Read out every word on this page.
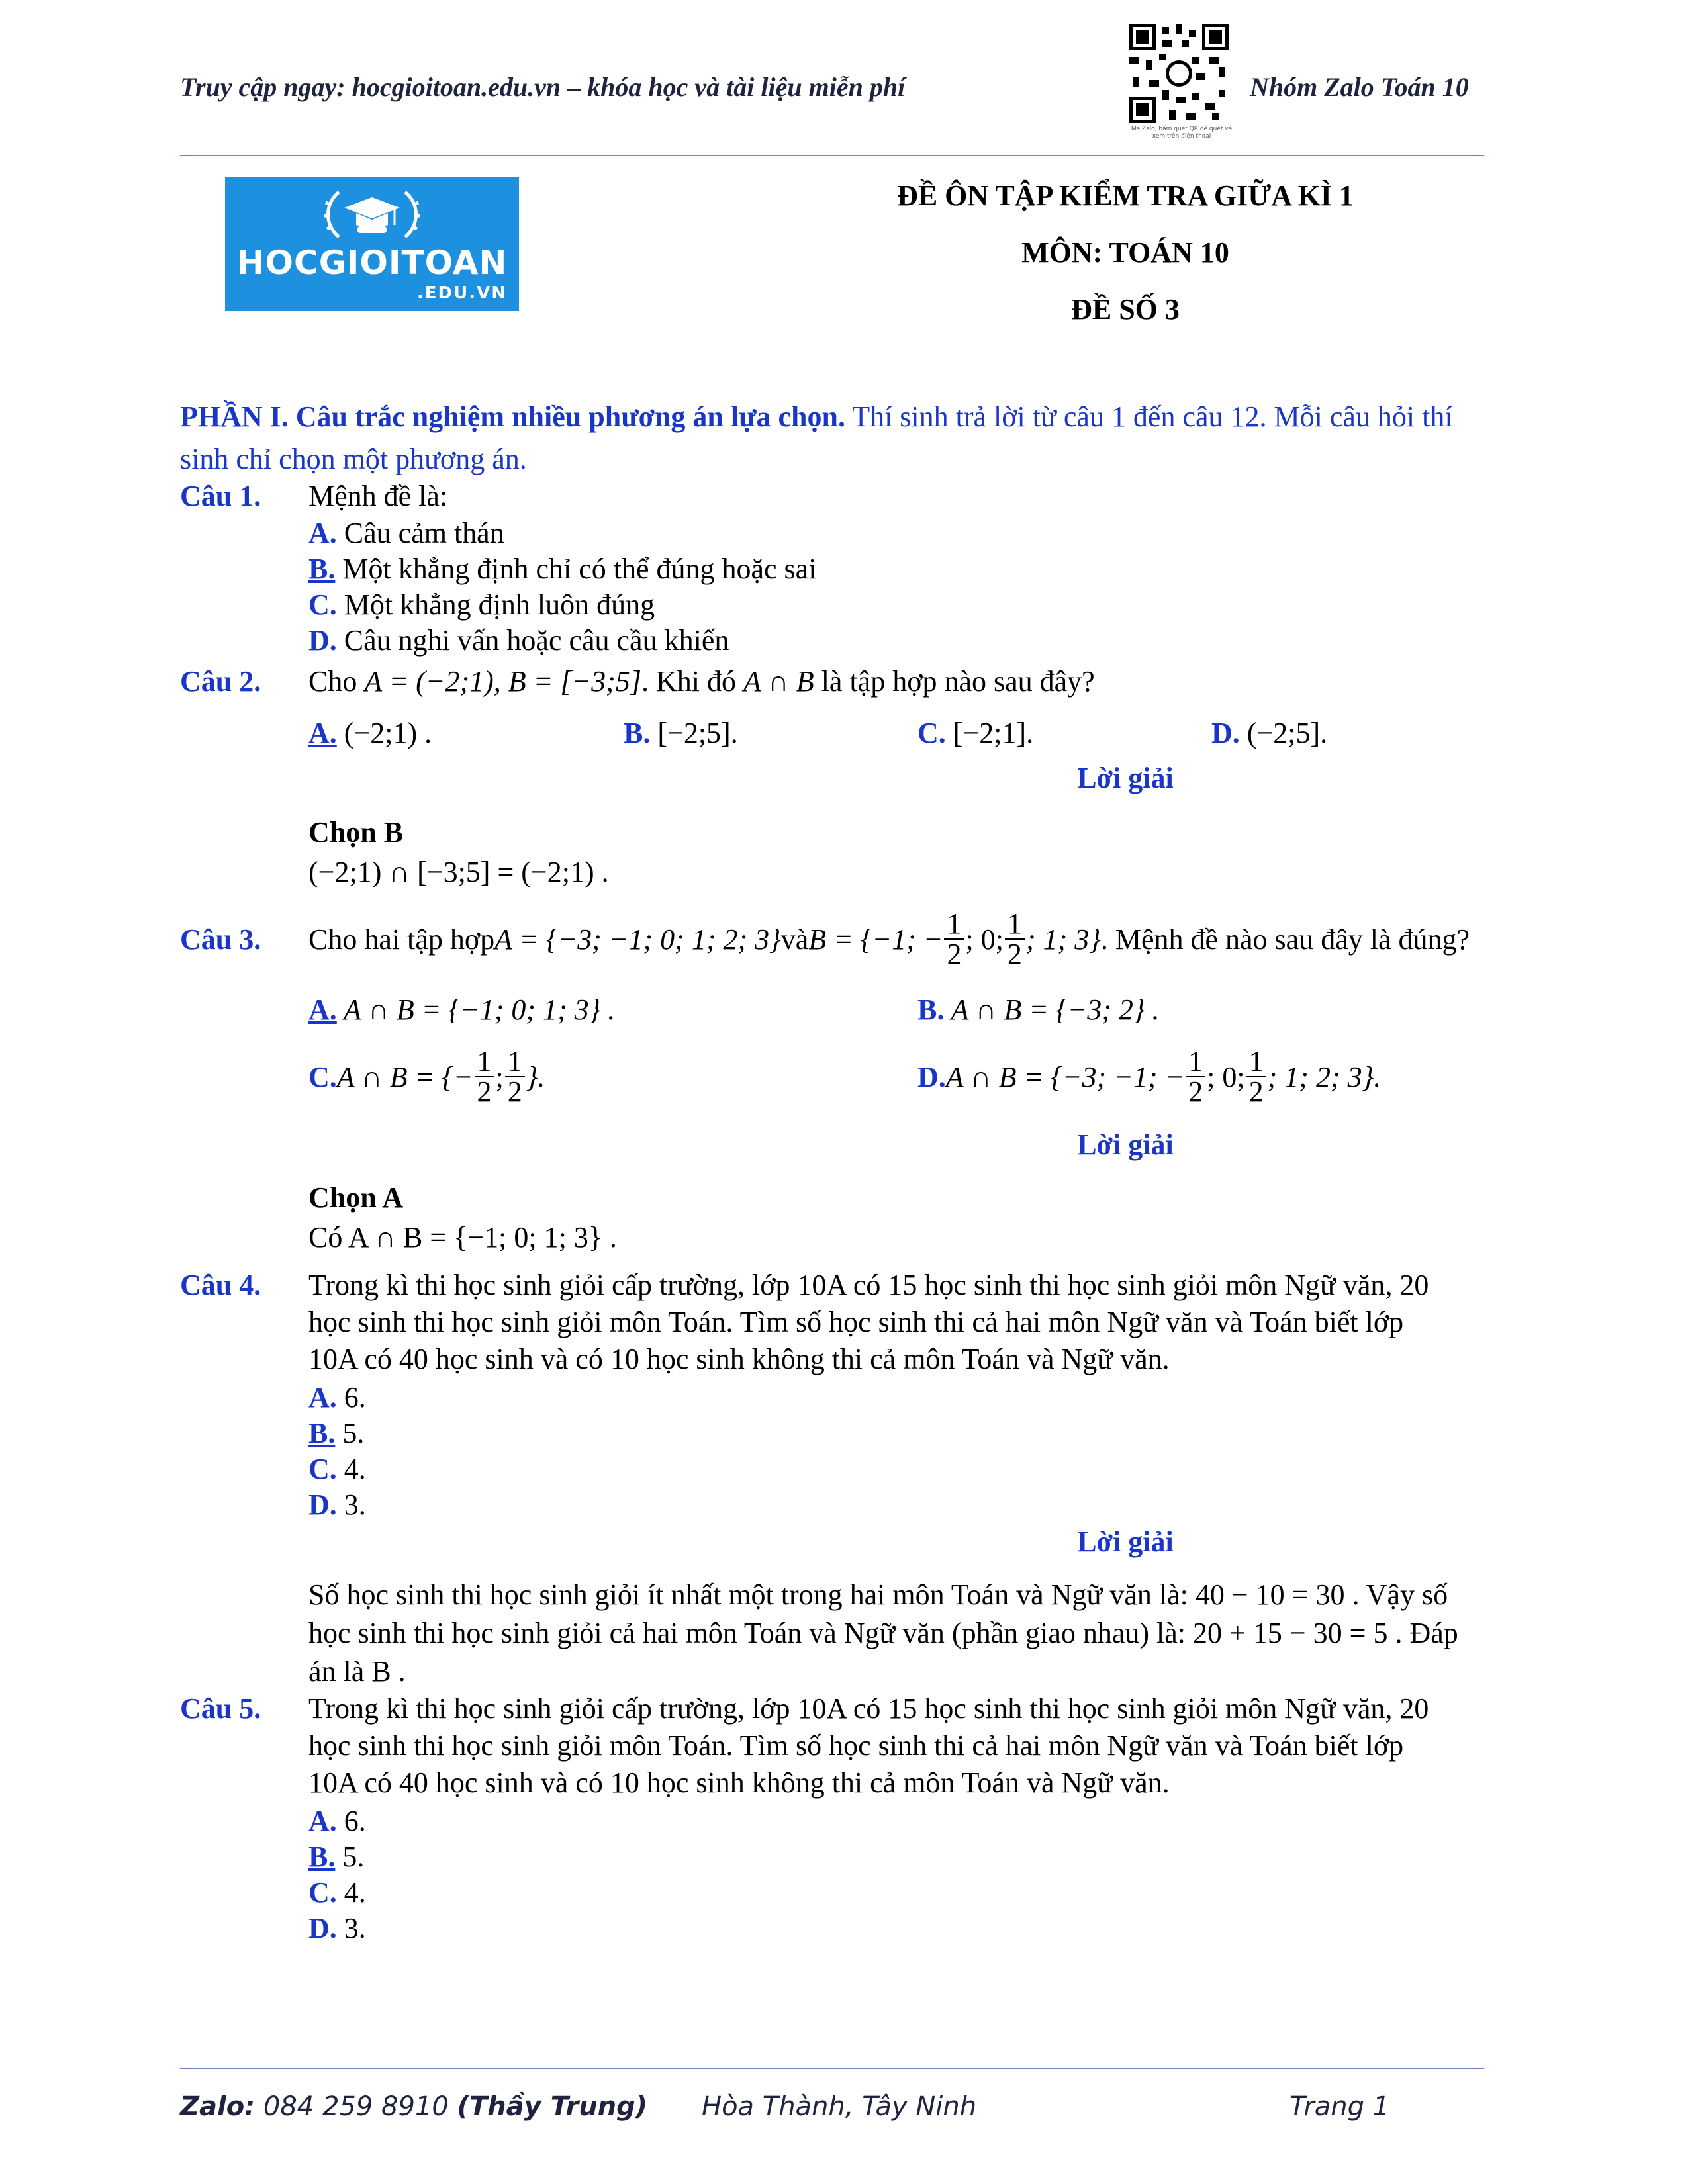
Truy cập ngay: hocgioitoan.edu.vn – khóa học và tài liệu miễn phí
Mã Zalo, bấm quét QR để quét và xem trên điện thoại
Nhóm Zalo Toán 10
HOCGIOITOAN
.EDU.VN
ĐỀ ÔN TẬP KIỂM TRA GIỮA KÌ 1
MÔN: TOÁN 10
ĐỀ SỐ 3
PHẦN I. Câu trắc nghiệm nhiều phương án lựa chọn. Thí sinh trả lời từ câu 1 đến câu 12. Mỗi câu hỏi thí
sinh chỉ chọn một phương án.
Câu 1. Mệnh đề là:
A. Câu cảm thán
B. Một khẳng định chỉ có thể đúng hoặc sai
C. Một khẳng định luôn đúng
D. Câu nghi vấn hoặc câu cầu khiến
Câu 2. Cho A = (−2;1), B = [−3;5]. Khi đó A ∩ B là tập hợp nào sau đây?
A. (−2;1) .	B. [−2;5].	C. [−2;1].	D. (−2;5].
Lời giải
Chọn B
(−2;1) ∩ [−3;5] = (−2;1) .
Câu 3. Cho hai tập hợp A = {−3; −1; 0; 1; 2; 3} và B = {−1; − $\frac{1}{2}$ ; 0; $\frac{1}{2}$ ; 1; 3} . Mệnh đề nào sau đây là đúng?
A. A ∩ B = {−1; 0; 1; 3} .	B. A ∩ B = {−3; 2} .
C. A ∩ B = {− $\frac{1}{2}$ ; $\frac{1}{2}$ }.	D. A ∩ B = {−3; −1; − $\frac{1}{2}$ ; 0; $\frac{1}{2}$ ; 1; 2; 3}.
Lời giải
Chọn A
Có A ∩ B = {−1; 0; 1; 3} .
Câu 4. Trong kì thi học sinh giỏi cấp trường, lớp 10A có 15 học sinh thi học sinh giỏi môn Ngữ văn, 20
học sinh thi học sinh giỏi môn Toán. Tìm số học sinh thi cả hai môn Ngữ văn và Toán biết lớp
10A có 40 học sinh và có 10 học sinh không thi cả môn Toán và Ngữ văn.
A. 6.
B. 5.
C. 4.
D. 3.
Lời giải
Số học sinh thi học sinh giỏi ít nhất một trong hai môn Toán và Ngữ văn là: 40 − 10 = 30 . Vậy số
học sinh thi học sinh giỏi cả hai môn Toán và Ngữ văn (phần giao nhau) là: 20 + 15 − 30 = 5 . Đáp
án là B .
Câu 5. Trong kì thi học sinh giỏi cấp trường, lớp 10A có 15 học sinh thi học sinh giỏi môn Ngữ văn, 20
học sinh thi học sinh giỏi môn Toán. Tìm số học sinh thi cả hai môn Ngữ văn và Toán biết lớp
10A có 40 học sinh và có 10 học sinh không thi cả môn Toán và Ngữ văn.
A. 6.
B. 5.
C. 4.
D. 3.
Zalo: 084 259 8910 (Thầy Trung) Hòa Thành, Tây Ninh	Trang 1
